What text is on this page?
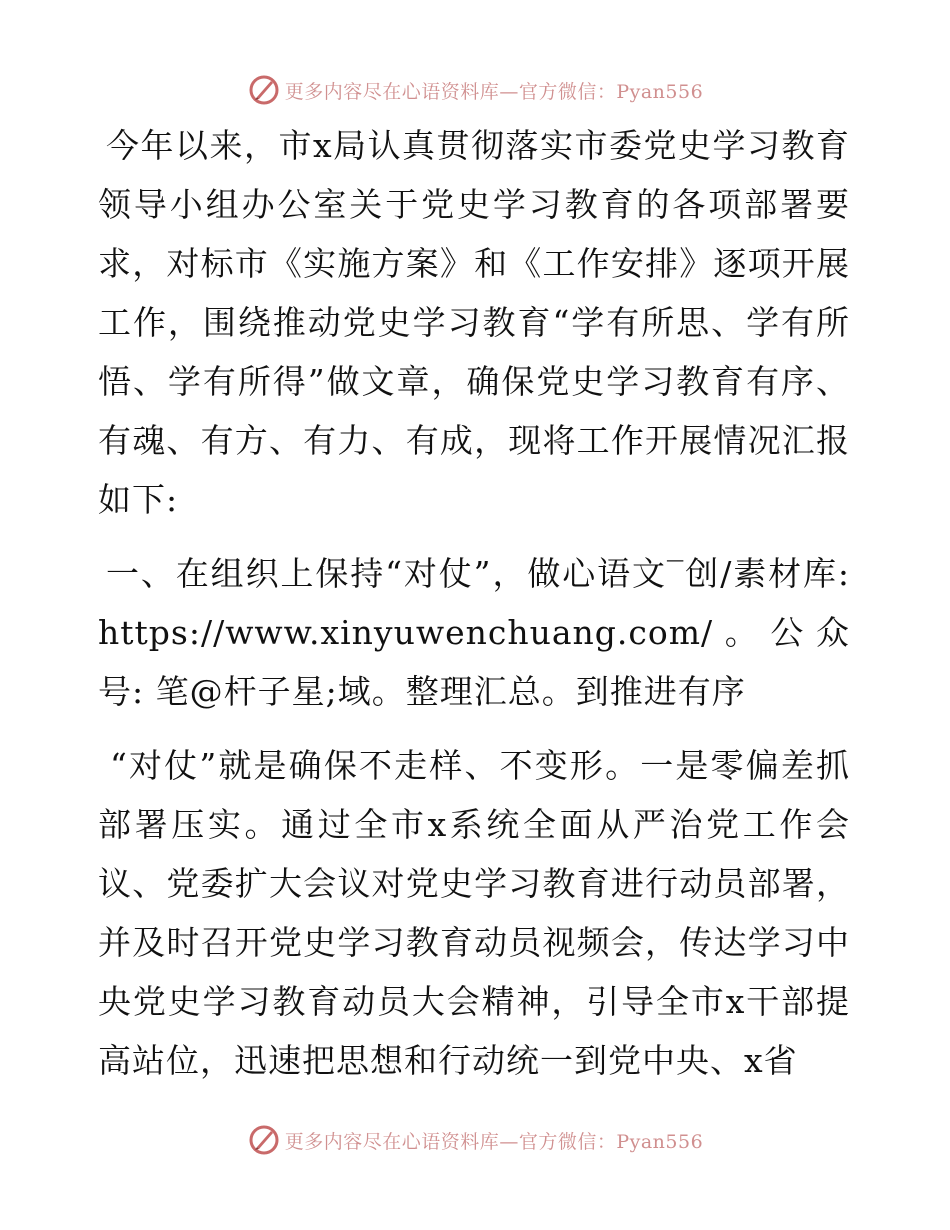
更多内容尽在心语资料库—官方微信：Pyan556

今年以来，市x局认真贯彻落实市委党史学习教育领导小组办公室关于党史学习教育的各项部署要求，对标市《实施方案》和《工作安排》逐项开展工作，围绕推动党史学习教育“学有所思、学有所悟、学有所得”做文章，确保党史学习教育有序、有魂、有方、有力、有成，现将工作开展情况汇报如下:

一、在组织上保持“对仗”，做心语文‾创/素材库: https://www.xinyuwenchuang.com/。公众号: 笔@杆子星;域。整理汇总。到推进有序

“对仗”就是确保不走样、不变形。一是零偏差抓部署压实。通过全市x系统全面从严治党工作会议、党委扩大会议对党史学习教育进行动员部署，并及时召开党史学习教育动员视频会，传达学习中央党史学习教育动员大会精神，引导全市x干部提高站位，迅速把思想和行动统一到党中央、x省

更多内容尽在心语资料库—官方微信：Pyan556
